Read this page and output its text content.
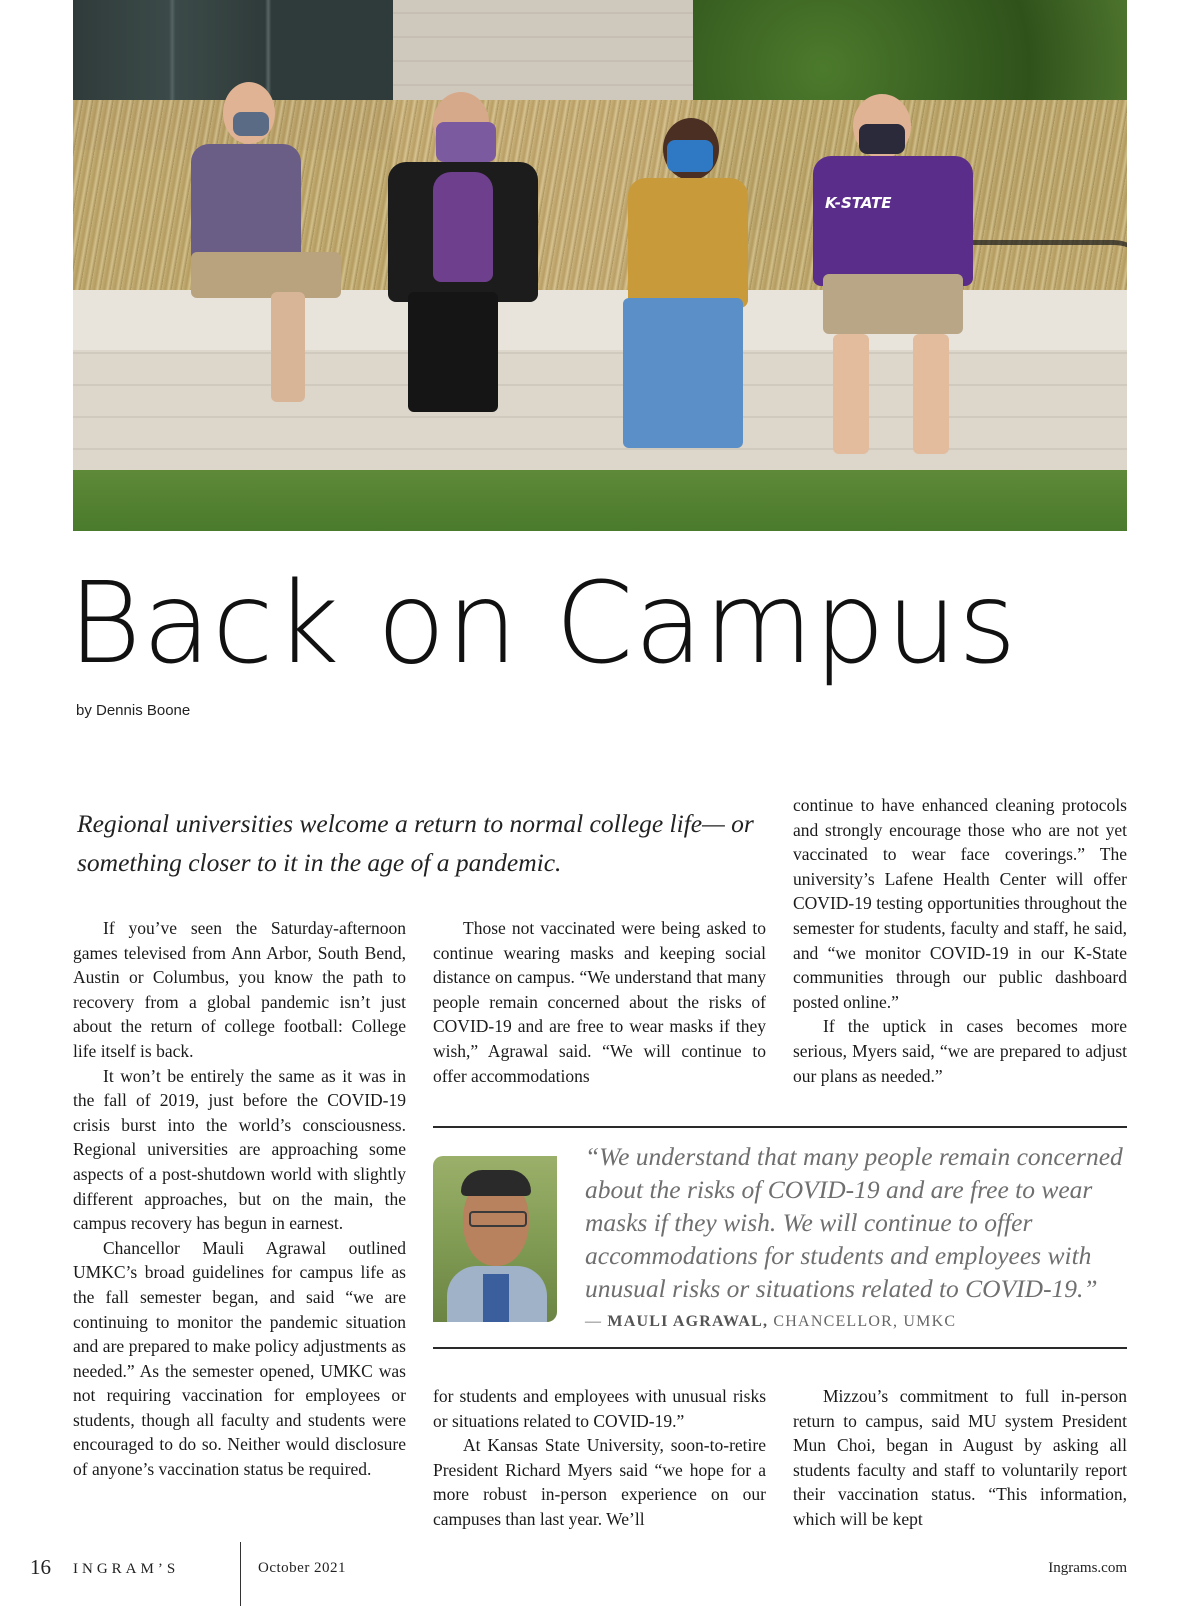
K-STATE
Back on Campus
by Dennis Boone

Regional universities welcome a return to normal college life— or something closer to it in the age of a pandemic.

If you’ve seen the Saturday-afternoon games televised from Ann Arbor, South Bend, Austin or Columbus, you know the path to recovery from a global pandemic isn’t just about the return of college football: College life itself is back.

It won’t be entirely the same as it was in the fall of 2019, just before the COVID-19 crisis burst into the world’s consciousness. Regional universities are approaching some aspects of a post-shutdown world with slightly different approaches, but on the main, the campus recovery has begun in earnest.

Chancellor Mauli Agrawal outlined UMKC’s broad guidelines for campus life as the fall semester began, and said “we are continuing to monitor the pandemic situation and are prepared to make policy adjustments as needed.” As the semester opened, UMKC was not requiring vaccination for employees or students, though all faculty and students were encouraged to do so. Neither would disclosure of anyone’s vaccination status be required.

Those not vaccinated were being asked to continue wearing masks and keeping social distance on campus. “We understand that many people remain concerned about the risks of COVID-19 and are free to wear masks if they wish,” Agrawal said. “We will continue to offer accommodations

continue to have enhanced cleaning protocols and strongly encourage those who are not yet vaccinated to wear face coverings.” The university’s Lafene Health Center will offer COVID-19 testing opportunities throughout the semester for students, faculty and staff, he said, and “we monitor COVID-19 in our K-State communities through our public dashboard posted online.”

If the uptick in cases becomes more serious, Myers said, “we are prepared to adjust our plans as needed.”

“We understand that many people remain concerned about the risks of COVID-19 and are free to wear masks if they wish. We will continue to offer accommodations for students and employees with unusual risks or situations related to COVID-19.”

— MAULI AGRAWAL, CHANCELLOR, UMKC

for students and employees with unusual risks or situations related to COVID-19.”

At Kansas State University, soon-to-retire President Richard Myers said “we hope for a more robust in-person experience on our campuses than last year. We’ll

Mizzou’s commitment to full in-person return to campus, said MU system President Mun Choi, began in August by asking all students faculty and staff to voluntarily report their vaccination status. “This information, which will be kept

16 INGRAM’S	October 2021	Ingrams.com
